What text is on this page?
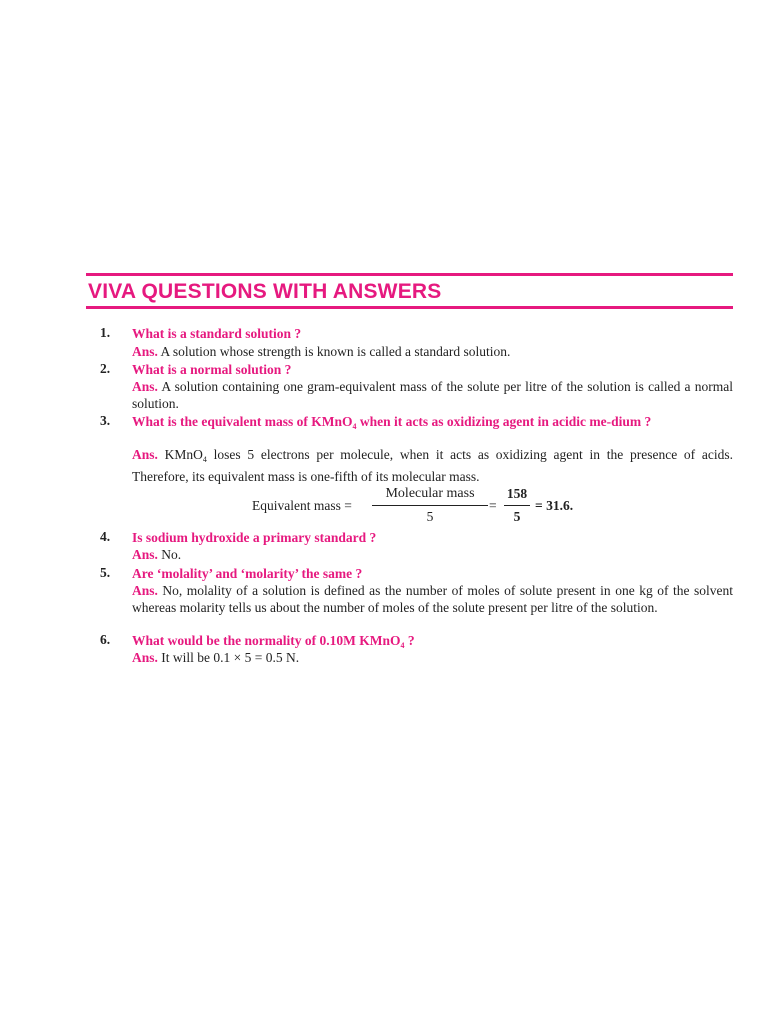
VIVA QUESTIONS WITH ANSWERS
1.	What is a standard solution ?
Ans. A solution whose strength is known is called a standard solution.
2.	What is a normal solution ?
Ans. A solution containing one gram-equivalent mass of the solute per litre of the solution is called a normal solution.
3.	What is the equivalent mass of KMnO$_4$ when it acts as oxidizing agent in acidic me-dium ?
Ans. KMnO$_4$ loses 5 electrons per molecule, when it acts as oxidizing agent in the presence of acids. Therefore, its equivalent mass is one-fifth of its molecular mass.
Equivalent mass =
Molecular mass
5
= $\frac{158}{5} = 31.6$.
4.	Is sodium hydroxide a primary standard ?
Ans. No.
5.	Are ‘molality’ and ‘molarity’ the same ?
Ans. No, molality of a solution is defined as the number of moles of solute present in one kg of the solvent whereas molarity tells us about the number of moles of the solute present per litre of the solution.
6.	What would be the normality of 0.10M KMnO$_4$ ?
Ans. It will be 0.1 × 5 = 0.5 N.
